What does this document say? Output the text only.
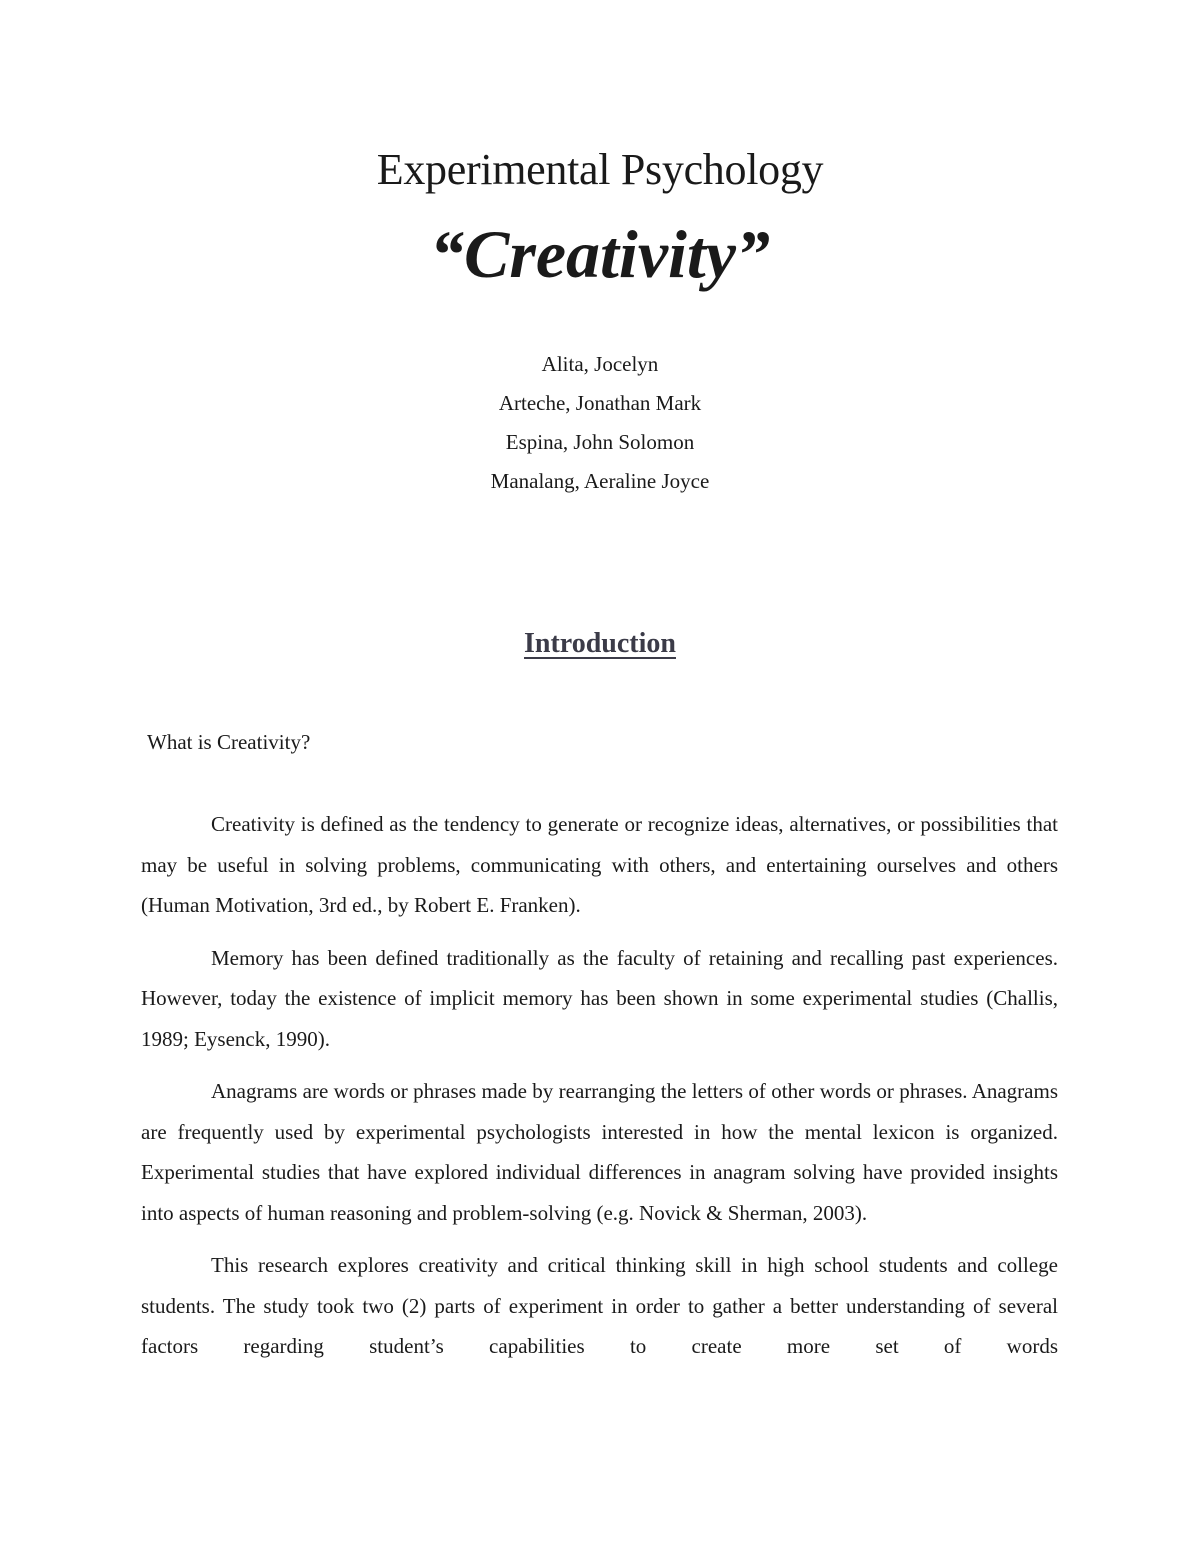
Experimental Psychology
“Creativity”
Alita, Jocelyn
Arteche, Jonathan Mark
Espina, John Solomon
Manalang, Aeraline Joyce
Introduction

What is Creativity?

Creativity is defined as the tendency to generate or recognize ideas, alternatives, or possibilities that may be useful in solving problems, communicating with others, and entertaining ourselves and others (Human Motivation, 3rd ed., by Robert E. Franken).

Memory has been defined traditionally as the faculty of retaining and recalling past experiences. However, today the existence of implicit memory has been shown in some experimental studies (Challis, 1989; Eysenck, 1990).

Anagrams are words or phrases made by rearranging the letters of other words or phrases. Anagrams are frequently used by experimental psychologists interested in how the mental lexicon is organized. Experimental studies that have explored individual differences in anagram solving have provided insights into aspects of human reasoning and problem-solving (e.g. Novick & Sherman, 2003).

This research explores creativity and critical thinking skill in high school students and college students. The study took two (2) parts of experiment in order to gather a better understanding of several factors regarding student’s capabilities to create more set of words
